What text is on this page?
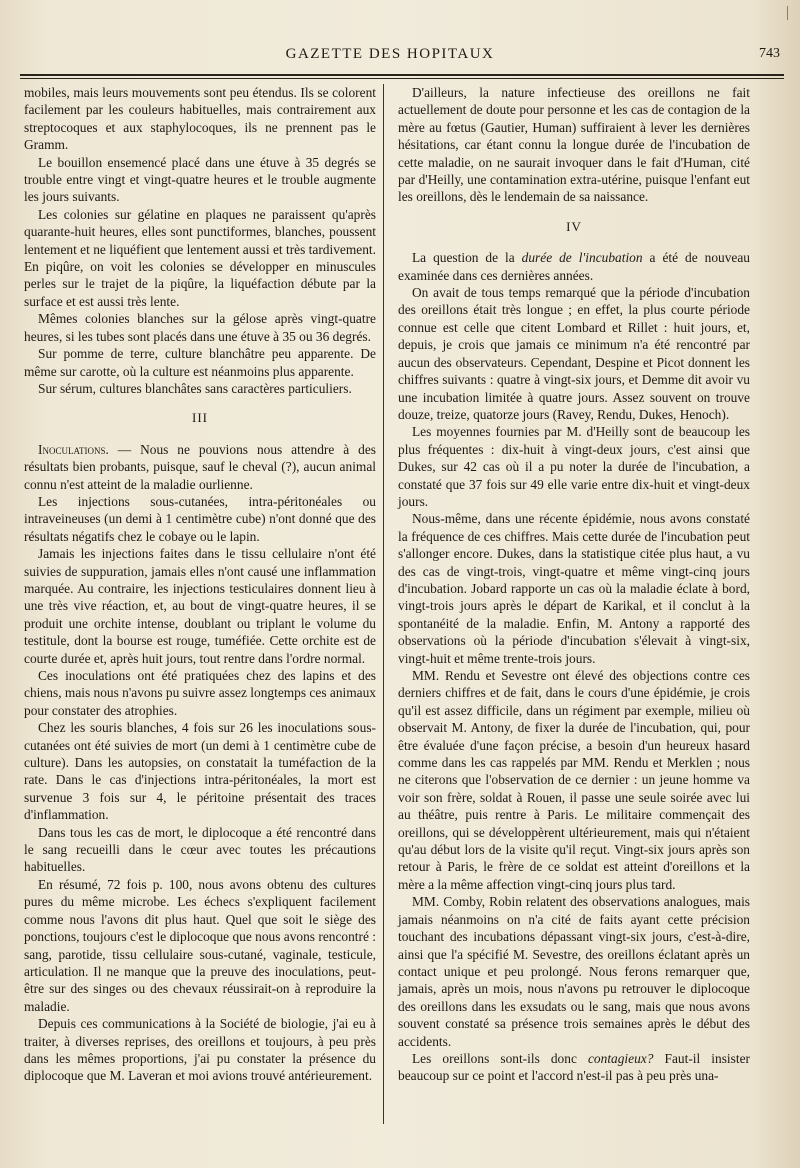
GAZETTE DES HOPITAUX	743

mobiles, mais leurs mouvements sont peu étendus. Ils se colorent facilement par les couleurs habituelles, mais contrairement aux streptocoques et aux staphylocoques, ils ne prennent pas le Gramm.

Le bouillon ensemencé placé dans une étuve à 35 degrés se trouble entre vingt et vingt-quatre heures et le trouble augmente les jours suivants.

Les colonies sur gélatine en plaques ne paraissent qu'après quarante-huit heures, elles sont punctiformes, blanches, poussent lentement et ne liquéfient que lentement aussi et très tardivement. En piqûre, on voit les colonies se développer en minuscules perles sur le trajet de la piqûre, la liquéfaction débute par la surface et est aussi très lente.

Mêmes colonies blanches sur la gélose après vingt-quatre heures, si les tubes sont placés dans une étuve à 35 ou 36 degrés.

Sur pomme de terre, culture blanchâtre peu apparente. De même sur carotte, où la culture est néanmoins plus apparente.

Sur sérum, cultures blanchâtes sans caractères particuliers.

III

Inoculations. — Nous ne pouvions nous attendre à des résultats bien probants, puisque, sauf le cheval (?), aucun animal connu n'est atteint de la maladie ourlienne.

Les injections sous-cutanées, intra-péritonéales ou intraveineuses (un demi à 1 centimètre cube) n'ont donné que des résultats négatifs chez le cobaye ou le lapin.

Jamais les injections faites dans le tissu cellulaire n'ont été suivies de suppuration, jamais elles n'ont causé une inflammation marquée. Au contraire, les injections testiculaires donnent lieu à une très vive réaction, et, au bout de vingt-quatre heures, il se produit une orchite intense, doublant ou triplant le volume du testitule, dont la bourse est rouge, tuméfiée. Cette orchite est de courte durée et, après huit jours, tout rentre dans l'ordre normal.

Ces inoculations ont été pratiquées chez des lapins et des chiens, mais nous n'avons pu suivre assez longtemps ces animaux pour constater des atrophies.

Chez les souris blanches, 4 fois sur 26 les inoculations sous-cutanées ont été suivies de mort (un demi à 1 centimètre cube de culture). Dans les autopsies, on constatait la tuméfaction de la rate. Dans le cas d'injections intra-péritonéales, la mort est survenue 3 fois sur 4, le péritoine présentait des traces d'inflammation.

Dans tous les cas de mort, le diplocoque a été rencontré dans le sang recueilli dans le cœur avec toutes les précautions habituelles.

En résumé, 72 fois p. 100, nous avons obtenu des cultures pures du même microbe. Les échecs s'expliquent facilement comme nous l'avons dit plus haut. Quel que soit le siège des ponctions, toujours c'est le diplocoque que nous avons rencontré : sang, parotide, tissu cellulaire sous-cutané, vaginale, testicule, articulation. Il ne manque que la preuve des inoculations, peut-être sur des singes ou des chevaux réussirait-on à reproduire la maladie.

Depuis ces communications à la Société de biologie, j'ai eu à traiter, à diverses reprises, des oreillons et toujours, à peu près dans les mêmes proportions, j'ai pu constater la présence du diplocoque que M. Laveran et moi avions trouvé antérieurement.

D'ailleurs, la nature infectieuse des oreillons ne fait actuellement de doute pour personne et les cas de contagion de la mère au fœtus (Gautier, Human) suffiraient à lever les dernières hésitations, car étant connu la longue durée de l'incubation de cette maladie, on ne saurait invoquer dans le fait d'Human, cité par d'Heilly, une contamination extra-utérine, puisque l'enfant eut les oreillons, dès le lendemain de sa naissance.

IV

La question de la durée de l'incubation a été de nouveau examinée dans ces dernières années.

On avait de tous temps remarqué que la période d'incubation des oreillons était très longue ; en effet, la plus courte période connue est celle que citent Lombard et Rillet : huit jours, et, depuis, je crois que jamais ce minimum n'a été rencontré par aucun des observateurs. Cependant, Despine et Picot donnent les chiffres suivants : quatre à vingt-six jours, et Demme dit avoir vu une incubation limitée à quatre jours. Assez souvent on trouve douze, treize, quatorze jours (Ravey, Rendu, Dukes, Henoch).

Les moyennes fournies par M. d'Heilly sont de beaucoup les plus fréquentes : dix-huit à vingt-deux jours, c'est ainsi que Dukes, sur 42 cas où il a pu noter la durée de l'incubation, a constaté que 37 fois sur 49 elle varie entre dix-huit et vingt-deux jours.

Nous-même, dans une récente épidémie, nous avons constaté la fréquence de ces chiffres. Mais cette durée de l'incubation peut s'allonger encore. Dukes, dans la statistique citée plus haut, a vu des cas de vingt-trois, vingt-quatre et même vingt-cinq jours d'incubation. Jobard rapporte un cas où la maladie éclate à bord, vingt-trois jours après le départ de Karikal, et il conclut à la spontanéité de la maladie. Enfin, M. Antony a rapporté des observations où la période d'incubation s'élevait à vingt-six, vingt-huit et même trente-trois jours.

MM. Rendu et Sevestre ont élevé des objections contre ces derniers chiffres et de fait, dans le cours d'une épidémie, je crois qu'il est assez difficile, dans un régiment par exemple, milieu où observait M. Antony, de fixer la durée de l'incubation, qui, pour être évaluée d'une façon précise, a besoin d'un heureux hasard comme dans les cas rappelés par MM. Rendu et Merklen ; nous ne citerons que l'observation de ce dernier : un jeune homme va voir son frère, soldat à Rouen, il passe une seule soirée avec lui au théâtre, puis rentre à Paris. Le militaire commençait des oreillons, qui se développèrent ultérieurement, mais qui n'étaient qu'au début lors de la visite qu'il reçut. Vingt-six jours après son retour à Paris, le frère de ce soldat est atteint d'oreillons et la mère a la même affection vingt-cinq jours plus tard.

MM. Comby, Robin relatent des observations analogues, mais jamais néanmoins on n'a cité de faits ayant cette précision touchant des incubations dépassant vingt-six jours, c'est-à-dire, ainsi que l'a spécifié M. Sevestre, des oreillons éclatant après un contact unique et peu prolongé. Nous ferons remarquer que, jamais, après un mois, nous n'avons pu retrouver le diplocoque des oreillons dans les exsudats ou le sang, mais que nous avons souvent constaté sa présence trois semaines après le début des accidents.

Les oreillons sont-ils donc contagieux? Faut-il insister beaucoup sur ce point et l'accord n'est-il pas à peu près una-
